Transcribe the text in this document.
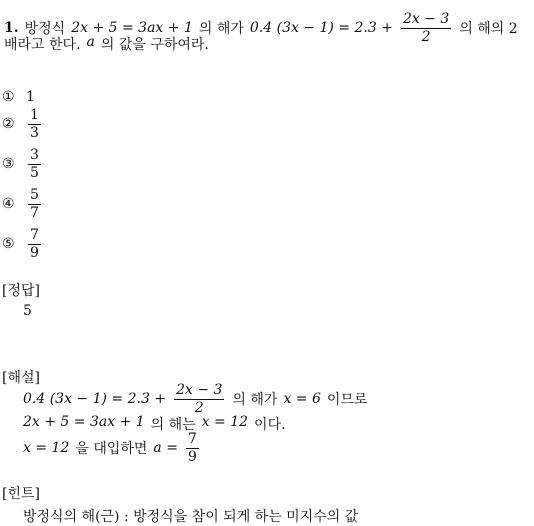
1. 방정식 2x + 5 = 3ax + 1 의 해가 0.4 $(3x - 1) = 2.3 + \frac{2x - 3}{2}$ 의 해의 2
배라고 한다. a 의 값을 구하여라.
① 1
② $\frac{1}{3}$
③ $\frac{3}{5}$
④ $\frac{5}{7}$
⑤ $\frac{7}{9}$
[정답]
5
[해설]
0.4 $(3x - 1) = 2.3 + \frac{2x - 3}{2}$ 의 해가 x = 6 이므로
2x + 5 = 3ax + 1 의 해는 x = 12 이다.
x = 12 을 대입하면 $a = \frac{7}{9}$
[힌트]
방정식의 해(근) : 방정식을 참이 되게 하는 미지수의 값
